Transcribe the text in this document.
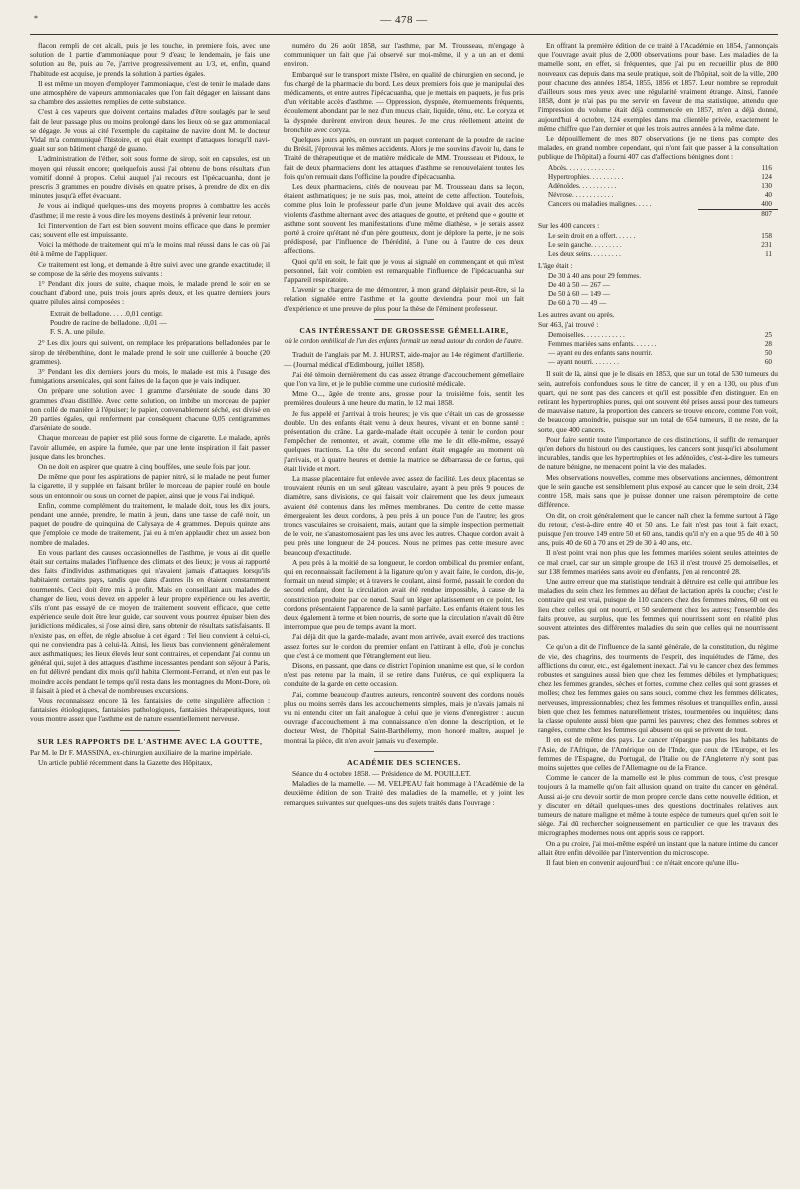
*	— 478 —

flacon rempli de cet alcali, puis je les touche, in premiere fois, avec une solution de 1 partie d'ammoniaque pour 9 d'eau; le lendemain, je fais une solution au 8e, puis au 7e, j'arrive progressivement au 1/3, et, enfin, quand l'habitude est acquise, je prends la solution à parties égales.

Il est même un moyen d'employer l'ammoniaque, c'est de tenir le malade dans une atmosphère de vapeurs ammoniacales que l'on fait dégager en laissant dans sa chambre des assiettes remplies de cette substance.

C'est à ces vapeurs que doivent certains malades d'être soulagés par le seul fait de leur passage plus ou moins prolongé dans les lieux où se gaz ammoniacal se dégage. Je vous ai cité l'exemple du capitaine de navire dont M. le docteur Vidal m'a communiqué l'histoire, et qui était exempt d'attaques lorsqu'il naviguait sur son bâtiment chargé de guano.

L'administration de l'éther, soit sous forme de sirop, soit en capsules, est un moyen qui réussit encore; quelquefois aussi j'ai obtenu de bons résultats d'un vomitif donné à propos. Celui auquel j'ai recours est l'ipécacuanha, dont je prescris 3 grammes en poudre divisés en quatre prises, à prendre de dix en dix minutes jusqu'à effet évacuant.

Je vous ai indiqué quelques-uns des moyens propres à combattre les accès d'asthme; il me reste à vous dire les moyens destinés à prévenir leur retour.

Ici l'intervention de l'art est bien souvent moins efficace que dans le premier cas; souvent elle est impuissante.

Voici la méthode de traitement qui m'a le moins mal réussi dans le cas où j'ai été à même de l'appliquer.

Ce traitement est long, et demande à être suivi avec une grande exactitude; il se compose de la série des moyens suivants :

1° Pendant dix jours de suite, chaque mois, le malade prend le soir en se couchant d'abord une, puis trois jours après deux, et les quatre derniers jours quatre pilules ainsi composées :

Extrait de belladone. . . . .0,01 centigr.
Poudre de racine de belladone. .0,01 —
F. S. A. une pilule.

2° Les dix jours qui suivent, on remplace les préparations belladonées par le sirop de térébenthine, dont le malade prend le soir une cuillerée à bouche (20 grammes).

3° Pendant les dix derniers jours du mois, le malade est mis à l'usage des fumigations arsenicales, qui sont faites de la façon que je vais indiquer.

On prépare une solution avec 1 gramme d'arséniate de soude dans 30 grammes d'eau distillée. Avec cette solution, on imbibe un morceau de papier non collé de manière à l'épuiser; le papier, convenablement séché, est divisé en 20 parties égales, qui renferment par conséquent chacune 0,05 centigrammes d'arséniate de soude.

Chaque morceau de papier est plié sous forme de cigarette. Le malade, après l'avoir allumée, en aspire la fumée, que par une lente inspiration il fait passer jusque dans les bronches.

On ne doit en aspirer que quatre à cinq bouffées, une seule fois par jour.

De même que pour les aspirations de papier nitré, si le malade ne peut fumer la cigarette, il y supplée en faisant brûler le morceau de papier roulé en boule sous un entonnoir ou sous un cornet de papier, ainsi que je vous l'ai indiqué.

Enfin, comme complément du traitement, le malade doit, tous les dix jours, pendant une année, prendre, le matin à jeun, dans une tasse de café noir, un paquet de poudre de quinquina de Calysaya de 4 grammes. Depuis quinze ans que j'emploie ce mode de traitement, j'ai eu à m'en applaudir chez un assez bon nombre de malades.

En vous parlant des causes occasionnelles de l'asthme, je vous ai dit quelle était sur certains malades l'influence des climats et des lieux; je vous ai rapporté des faits d'individus asthmatiques qui n'avaient jamais d'attaques lorsqu'ils habitaient certains pays, tandis que dans d'autres ils en étaient constamment tourmentés. Ceci doit être mis à profit. Mais en conseillant aux malades de changer de lieu, vous devez en appeler à leur propre expérience ou les avertir, s'ils n'ont pas essayé de ce moyen de traitement souvent efficace, que cette expérience seule doit être leur guide, car souvent vous pourrez épuiser bien des juridictions médicales, si j'ose ainsi dire, sans obtenir de résultats satisfaisants. Il n'existe pas, en effet, de règle absolue à cet égard : Tel lieu convient à celui-ci, qui ne conviendra pas à celui-là. Ainsi, les lieux bas conviennent généralement aux asthmatiques; les lieux élevés leur sont contraires, et cependant j'ai connu un général qui, sujet à des attaques d'asthme incessantes pendant son séjour à Paris, en fut délivré pendant dix mois qu'il habita Clermont-Ferrand, et n'en eut pas le moindre accès pendant le temps qu'il resta dans les montagnes du Mont-Dore, où il faisait à pied et à cheval de nombreuses excursions.

Vous reconnaissez encore là les fantaisies de cette singulière affection : fantaisies étiologiques, fantaisies pathologiques, fantaisies thérapeutiques, tout vous montre assez que l'asthme est de nature essentiellement nerveuse.

SUR LES RAPPORTS DE L'ASTHME AVEC LA GOUTTE,

Par M. le Dr F. MASSINA, ex-chirurgien auxiliaire de la marine impériale.

Un article publié récemment dans la Gazette des Hôpitaux,

numéro du 26 août 1858, sur l'asthme, par M. Trousseau, m'engage à communiquer un fait que j'ai observé sur moi-même, il y a un an et demi environ.

Embarqué sur le transport mixte l'Isère, en qualité de chirurgien en second, je fus chargé de la pharmacie du bord. Les deux premiers fois que je manipulai des médicaments, et entre autres l'ipécacuanha, que je mettais en paquets, je fus pris d'un véritable accès d'asthme. — Oppression, dyspnée, éternuements fréquents, écoulement abondant par le nez d'un mucus clair, liquide, ténu, etc. Le coryza et la dyspnée durèrent environ deux heures. Je me crus réellement atteint de bronchite avec coryza.

Quelques jours après, en ouvrant un paquet contenant de la poudre de racine du Brésil, j'éprouvai les mêmes accidents. Alors je me souvins d'avoir lu, dans le Traité de thérapeutique et de matière médicale de MM. Trousseau et Pidoux, le fait de deux pharmaciens dont les attaques d'asthme se renouvelaient toutes les fois qu'on remuait dans l'officine la poudre d'ipécacuanha.

Les deux pharmaciens, cités de nouveau par M. Trousseau dans sa leçon, étaient asthmatiques; je ne suis pas, moi, atteint de cette affection. Toutefois, comme plus loin le professeur parle d'un jeune Moldave qui avait des accès violents d'asthme alternant avec des attaques de goutte, et prétend que « goutte et asthme sont souvent les manifestations d'une même diathèse, » je serais assez porté à croire qu'étant né d'un père goutteux, dont je déplore la perte, je ne sois prédisposé, par l'influence de l'hérédité, à l'une ou à l'autre de ces deux affections.

Quoi qu'il en soit, le fait que je vous ai signalé en commençant et qui m'est personnel, fait voir combien est remarquable l'influence de l'ipécacuanha sur l'appareil respiratoire.

L'avenir se chargera de me démontrer, à mon grand déplaisir peut-être, si la relation signalée entre l'asthme et la goutte deviendra pour moi un fait d'expérience et une preuve de plus pour la thèse de l'éminent professeur.

CAS INTÉRESSANT DE GROSSESSE GÉMELLAIRE,
où le cordon ombilical de l'un des enfants formait un nœud autour du cordon de l'autre.

Traduit de l'anglais par M. J. HURST, aide-major au 14e régiment d'artillerie. — (Journal médical d'Edimbourg, juillet 1858).

J'ai été témoin dernièrement du cas assez étrange d'accouchement gémellaire que l'on va lire, et je le publie comme une curiosité médicale.

Mme O..., âgée de trente ans, grosse pour la troisième fois, sentit les premières douleurs à une heure du matin, le 12 mai 1858.

Je fus appelé et j'arrivai à trois heures; je vis que c'était un cas de grossesse double. Un des enfants était venu à deux heures, vivant et en bonne santé : présentation du crâne. La garde-malade était occupée à tenir le cordon pour l'empêcher de remonter, et avait, comme elle me le dit elle-même, essayé quelques tractions. La tête du second enfant était engagée au moment où j'arrivais, et à quatre heures et demie la matrice se débarrassa de ce fœtus, qui était livide et mort.

La masse placentaire fut enlevée avec assez de facilité. Les deux placentas se trouvaient réunis en un seul gâteau vasculaire, ayant à peu près 9 pouces de diamètre, sans divisions, ce qui faisait voir clairement que les deux jumeaux avaient été contenus dans les mêmes membranes. Du centre de cette masse émergeaient les deux cordons, à peu près à un pouce l'un de l'autre; les gros troncs vasculaires se croisaient, mais, autant que la simple inspection permettait de le voir, ne s'anastomosaient pas les uns avec les autres. Chaque cordon avait à peu près une longueur de 24 pouces. Nous ne primes pas cette mesure avec beaucoup d'exactitude.

A peu près à la moitié de sa longueur, le cordon ombilical du premier enfant, qui en reconnaissait facilement à la ligature qu'on y avait faite, le cordon, dis-je, formait un nœud simple; et à travers le coulant, ainsi formé, passait le cordon du second enfant, dont la circulation avait été rendue impossible, à cause de la constriction produite par ce nœud. Sauf un léger aplatissement en ce point, les cordons présentaient l'apparence de la santé parfaite. Les enfants étaient tous les deux également à terme et bien nourris, de sorte que la circulation n'avait dû être interrompue que peu de temps avant la mort.

J'ai déjà dit que la garde-malade, avant mon arrivée, avait exercé des tractions assez fortes sur le cordon du premier enfant en l'attirant à elle, d'où je conclus que c'est à ce moment que l'étranglement eut lieu.

Disons, en passant, que dans ce district l'opinion unanime est que, si le cordon n'est pas retenu par la main, il se retire dans l'utérus, ce qui expliquera la conduite de la garde en cette occasion.

J'ai, comme beaucoup d'autres auteurs, rencontré souvent des cordons noués plus ou moins serrés dans les accouchements simples, mais je n'avais jamais ni vu ni entendu citer un fait analogue à celui que je viens d'enregistrer : aucun ouvrage d'accouchement à ma connaissance n'en donne la description, et le docteur West, de l'hôpital Saint-Barthélemy, mon honoré maître, auquel je montrai la pièce, dit n'en avoir jamais vu d'exemple.

ACADÉMIE DES SCIENCES.

Séance du 4 octobre 1858. — Présidence de M. POUILLET.

Maladies de la mamelle. — M. VELPEAU fait hommage à l'Académie de la deuxième édition de son Traité des maladies de la mamelle, et y joint les remarques suivantes sur quelques-uns des sujets traités dans l'ouvrage :

En offrant la première édition de ce traité à l'Académie en 1854, j'annonçais que l'ouvrage avait plus de 2,000 observations pour base. Les maladies de la mamelle sont, en effet, si fréquentes, que j'ai pu en recueillir plus de 800 nouveaux cas depuis dans ma seule pratique, soit de l'hôpital, soit de la ville, 200 pour chacune des années 1854, 1855, 1856 et 1857. Leur nombre se reproduit d'ailleurs sous mes yeux avec une régularité vraiment étrange. Ainsi, l'année 1858, dont je n'ai pas pu me servir en faveur de ma statistique, attendu que l'impression du volume était déjà commencée en 1857, m'en a déjà donné, aujourd'hui 4 octobre, 124 exemples dans ma clientèle privée, exactement le même chiffre que l'an dernier et que les trois autres années à la même date.

Le dépouillement de mes 807 observations (je ne tiens pas compte des malades, en grand nombre cependant, qui n'ont fait que passer à la consultation publique de l'hôpital) a fourni 407 cas d'affections bénignes dont :

Abcès. . . . . . . . . . . . . .	116
Hypertrophies. . . . . . . . . .	124
Adénoïdes. . . . . . . . . . .	130
Névrose. . . . . . . . . . . .	40
Cancers ou maladies malignes. . . . .	400
807

Sur les 400 cancers :

Le sein droit en a offert. . . . . .	158
Le sein gauche. . . . . . . . .	231
Les deux seins. . . . . . . . .	11

L'âge était :

De 30 à 40 ans pour 29 femmes.
De 40 à 50 — 267 —
De 50 à 60 — 149 —
De 60 à 70 — 49 —

Les autres avant ou après.

Sur 463, j'ai trouvé :

Demoiselles. . . . . . . . . . . .	25
Femmes mariées sans enfants. . . . . . .	28
— ayant eu des enfants sans nourrir.	50
— ayant nourri. . . . . . . .	60

Il suit de là, ainsi que je le disais en 1853, que sur un total de 530 tumeurs du sein, autrefois confondues sous le titre de cancer, il y en a 130, ou plus d'un quart, qui ne sont pas des cancers et qu'il est possible d'en distinguer. En en retirant les hypertrophies pures, qui ont souvent été prises aussi pour des tumeurs de mauvaise nature, la proportion des cancers se trouve encore, comme l'on voit, de beaucoup amoindrie, puisque sur un total de 654 tumeurs, il ne reste, de la sorte, que 400 cancers.

Pour faire sentir toute l'importance de ces distinctions, il suffit de remarquer qu'en dehors du histouri ou des caustiques, les cancers sont jusqu'ici absolument incurables, tandis que les hypertrophies et les adénoïdes, c'est-à-dire les tumeurs de nature bénigne, ne menacent point la vie des malades.

Mes observations nouvelles, comme mes observations anciennes, démontrent que le sein gauche est sensiblement plus exposé au cancer que le sein droit, 234 contre 158, mais sans que je puisse donner une raison péremptoire de cette différence.

On dit, on croit généralement que le cancer naît chez la femme surtout à l'âge du retour, c'est-à-dire entre 40 et 50 ans. Le fait n'est pas tout à fait exact, puisque j'en trouve 149 entre 50 et 60 ans, tandis qu'il n'y en a que 95 de 40 à 50 ans, puis 40 de 60 à 70 ans et 29 de 30 à 40 ans, etc.

Il n'est point vrai non plus que les femmes mariées soient seules atteintes de ce mal cruel, car sur un simple groupe de 163 il n'est trouvé 25 demoiselles, et sur 138 femmes mariées sans avoir eu d'enfants, j'en ai rencontré 28.

Une autre erreur que ma statistique tendrait à détruire est celle qui attribue les maladies du sein chez les femmes au défaut de lactation après la couche; c'est le contraire qui est vrai, puisque de 110 cancers chez des femmes mères, 60 ont eu lieu chez celles qui ont nourri, et 50 seulement chez les autres; l'ensemble des faits prouve, au surplus, que les femmes qui nourrissent sont en réalité plus souvent atteintes des différentes maladies du sein que celles qui ne nourrissent pas.

Ce qu'on a dit de l'influence de la santé générale, de la constitution, du régime de vie, des chagrins, des tourments de l'esprit, des inquiétudes de l'âme, des afflictions du cœur, etc., est également inexact. J'ai vu le cancer chez des femmes robustes et sanguines aussi bien que chez les femmes débiles et lymphatiques; chez les femmes grandes, sèches et fortes, comme chez celles qui sont grasses et molles; chez les femmes gaies ou sans souci, comme chez les femmes délicates, nerveuses, impressionnables; chez les femmes résolues et tranquilles enfin, aussi bien que chez les femmes naturellement tristes, tourmentées ou inquiètes; dans la classe opulente aussi bien que parmi les pauvres; chez des femmes sobres et rangées, comme chez les femmes qui abusent ou qui se privent de tout.

Il en est de même des pays. Le cancer n'épargne pas plus les habitants de l'Asie, de l'Afrique, de l'Amérique ou de l'Inde, que ceux de l'Europe, et les femmes de l'Espagne, du Portugal, de l'Italie ou de l'Angleterre n'y sont pas moins sujettes que celles de l'Allemagne ou de la France.

Comme le cancer de la mamelle est le plus commun de tous, c'est presque toujours à la mamelle qu'on fait allusion quand on traite du cancer en général. Aussi ai-je cru devoir sortir de mon propre cercle dans cette nouvelle édition, et y discuter en détail quelques-unes des questions doctrinales relatives aux tumeurs de nature maligne et même à toute espèce de tumeurs quel qu'en soit le siège. J'ai dû rechercher soigneusement en particulier ce que les travaux des micrographes modernes nous ont appris sous ce rapport.

On a pu croire, j'ai moi-même espéré un instant que la nature intime du cancer allait être enfin dévoilée par l'intervention du microscope.

Il faut bien en convenir aujourd'hui : ce n'était encore qu'une illu-
